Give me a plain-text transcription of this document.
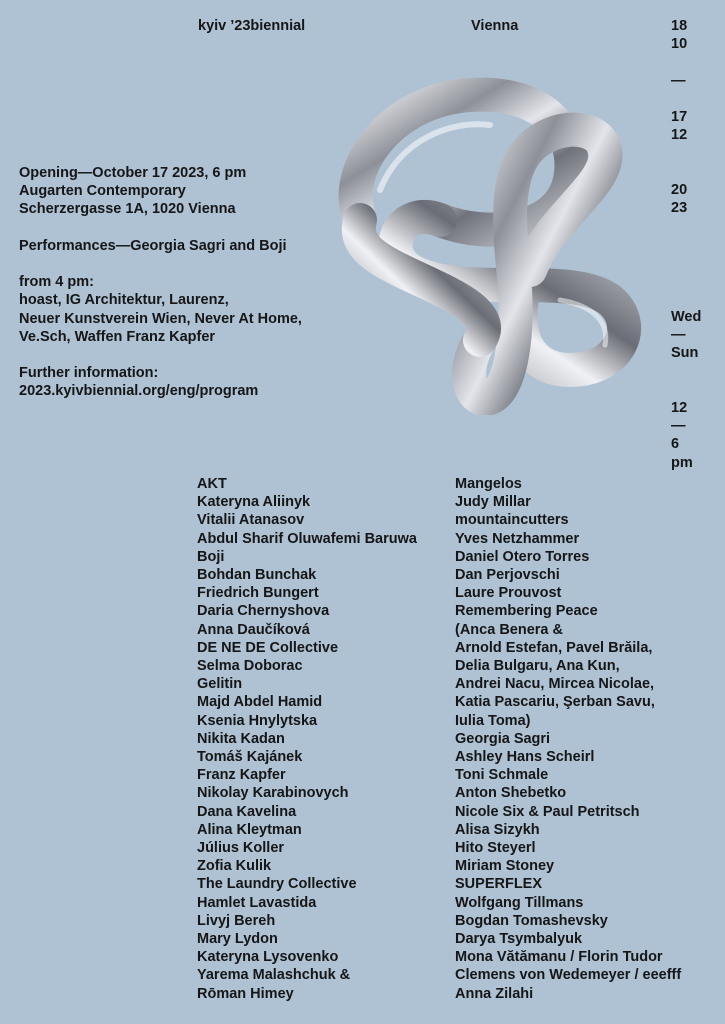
kyiv ’23biennial	Vienna	18
10
—
17
12
20
23
Wed
—
Sun
12
—
6
pm
Opening—October 17 2023, 6 pm
Augarten Contemporary
Scherzergasse 1A, 1020 Vienna
Performances—Georgia Sagri and Boji
from 4 pm:
hoast, IG Architektur, Laurenz,
Neuer Kunstverein Wien, Never At Home,
Ve.Sch, Waffen Franz Kapfer
Further information:
2023.kyivbiennial.org/eng/program
AKT
Kateryna Aliinyk
Vitalii Atanasov
Abdul Sharif Oluwafemi Baruwa
Boji
Bohdan Bunchak
Friedrich Bungert
Daria Chernyshova
Anna Daučíková
DE NE DE Collective
Selma Doborac
Gelitin
Majd Abdel Hamid
Ksenia Hnylytska
Nikita Kadan
Tomáš Kajánek
Franz Kapfer
Nikolay Karabinovych
Dana Kavelina
Alina Kleytman
Július Koller
Zofia Kulik
The Laundry Collective
Hamlet Lavastida
Livyj Bereh
Mary Lydon
Kateryna Lysovenko
Yarema Malashchuk &
Rōman Himey
Mangelos
Judy Millar
mountaincutters
Yves Netzhammer
Daniel Otero Torres
Dan Perjovschi
Laure Prouvost
Remembering Peace
(Anca Benera &
Arnold Estefan, Pavel Brăila,
Delia Bulgaru, Ana Kun,
Andrei Nacu, Mircea Nicolae,
Katia Pascariu, Şerban Savu,
Iulia Toma)
Georgia Sagri
Ashley Hans Scheirl
Toni Schmale
Anton Shebetko
Nicole Six & Paul Petritsch
Alisa Sizykh
Hito Steyerl
Miriam Stoney
SUPERFLEX
Wolfgang Tillmans
Bogdan Tomashevsky
Darya Tsymbalyuk
Mona Vătămanu / Florin Tudor
Clemens von Wedemeyer / eeefff
Anna Zilahi
